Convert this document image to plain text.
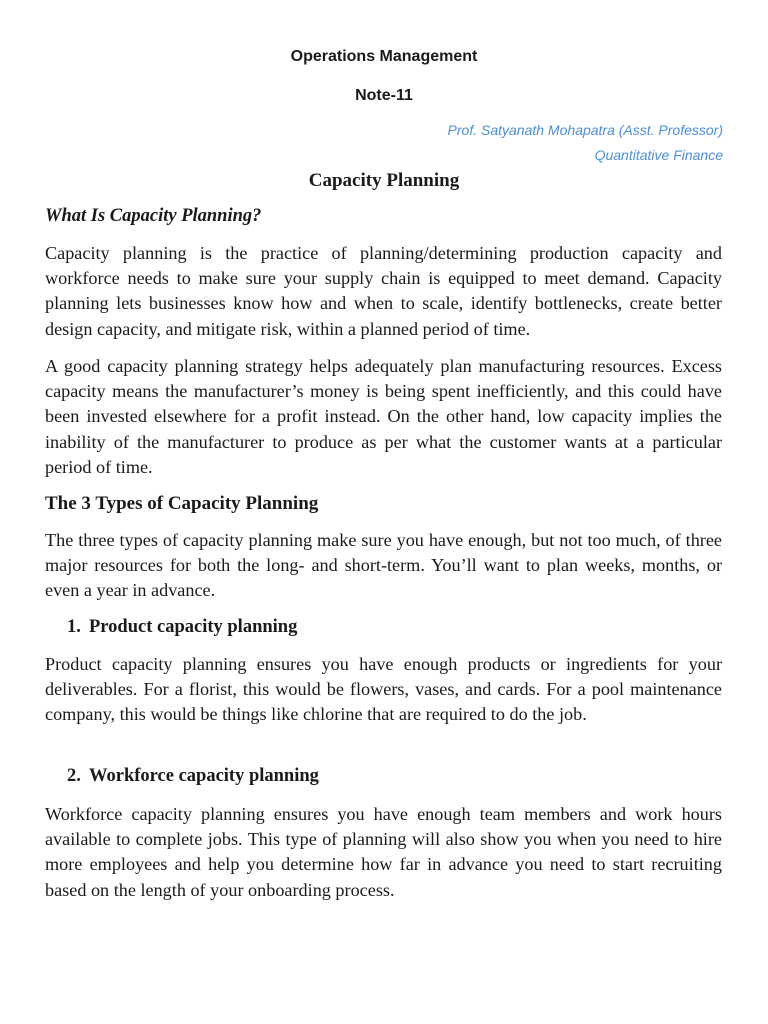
Operations Management
Note-11
Prof. Satyanath Mohapatra (Asst. Professor)
Quantitative Finance
Capacity Planning
What Is Capacity Planning?
Capacity planning is the practice of planning/determining production capacity and workforce needs to make sure your supply chain is equipped to meet demand. Capacity planning lets businesses know how and when to scale, identify bottlenecks, create better design capacity, and mitigate risk, within a planned period of time.
A good capacity planning strategy helps adequately plan manufacturing resources. Excess capacity means the manufacturer’s money is being spent inefficiently, and this could have been invested elsewhere for a profit instead. On the other hand, low capacity implies the inability of the manufacturer to produce as per what the customer wants at a particular period of time.
The 3 Types of Capacity Planning
The three types of capacity planning make sure you have enough, but not too much, of three major resources for both the long- and short-term. You’ll want to plan weeks, months, or even a year in advance.
1. Product capacity planning
Product capacity planning ensures you have enough products or ingredients for your deliverables. For a florist, this would be flowers, vases, and cards. For a pool maintenance company, this would be things like chlorine that are required to do the job.
2. Workforce capacity planning
Workforce capacity planning ensures you have enough team members and work hours available to complete jobs. This type of planning will also show you when you need to hire more employees and help you determine how far in advance you need to start recruiting based on the length of your onboarding process.
